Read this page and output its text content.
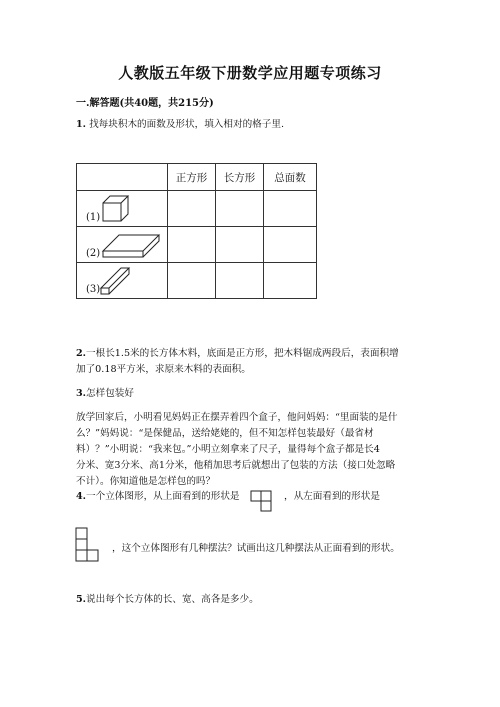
人教版五年级下册数学应用题专项练习
一.解答题(共40题，共215分)
1. 找每块积木的面数及形状，填入相对的格子里.
	正方形	长方形	总面数

(1)			

(2)			

(3)			

2.一根长1.5米的长方体木料，底面是正方形，把木料锯成两段后，表面积增
加了0.18平方米，求原来木料的表面积。
3.怎样包装好
放学回家后，小明看见妈妈正在摆弄着四个盒子，他问妈妈：“里面装的是什
么？”妈妈说：“是保健品，送给姥姥的，但不知怎样包装最好（最省材
料）？”小明说：“我来包。”小明立刻拿来了尺子，量得每个盒子都是长4
分米、宽3分米、高1分米，他稍加思考后就想出了包装的方法（接口处忽略
不计）。你知道他是怎样包的吗？
4.一个立体图形，从上面看到的形状是	，从左面看到的形状是
，这个立体图形有几种摆法？试画出这几种摆法从正面看到的形状。
5.说出每个长方体的长、宽、高各是多少。
